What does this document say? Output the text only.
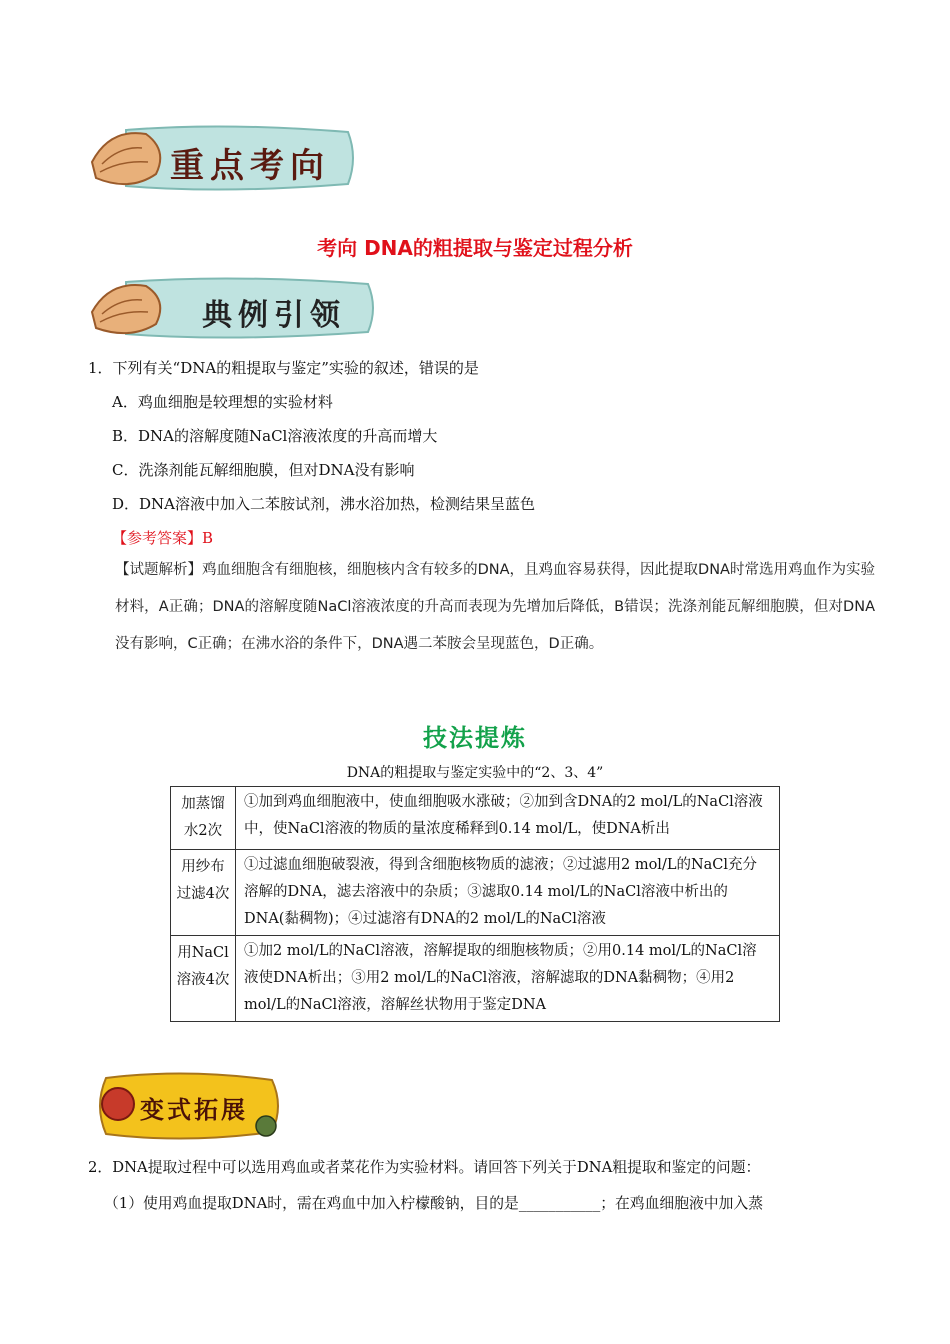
重点考向
考向 DNA的粗提取与鉴定过程分析
典例引领
1．下列有关“DNA的粗提取与鉴定”实验的叙述，错误的是
A．鸡血细胞是较理想的实验材料
B．DNA的溶解度随NaCl溶液浓度的升高而增大
C．洗涤剂能瓦解细胞膜，但对DNA没有影响
D．DNA溶液中加入二苯胺试剂，沸水浴加热，检测结果呈蓝色
【参考答案】B
【试题解析】鸡血细胞含有细胞核，细胞核内含有较多的DNA，且鸡血容易获得，因此提取DNA时常选用鸡血作为实验材料，A正确；DNA的溶解度随NaCl溶液浓度的升高而表现为先增加后降低，B错误；洗涤剂能瓦解细胞膜，但对DNA没有影响，C正确；在沸水浴的条件下，DNA遇二苯胺会呈现蓝色，D正确。
技法提炼
DNA的粗提取与鉴定实验中的“2、3、4”
加蒸馏水2次	①加到鸡血细胞液中，使血细胞吸水涨破；②加到含DNA的2 mol/L的NaCl溶液中，使NaCl溶液的物质的量浓度稀释到0.14 mol/L，使DNA析出
用纱布过滤4次	①过滤血细胞破裂液，得到含细胞核物质的滤液；②过滤用2 mol/L的NaCl充分溶解的DNA，滤去溶液中的杂质；③滤取0.14 mol/L的NaCl溶液中析出的DNA(黏稠物)；④过滤溶有DNA的2 mol/L的NaCl溶液
用NaCl溶液4次	①加2 mol/L的NaCl溶液，溶解提取的细胞核物质；②用0.14 mol/L的NaCl溶液使DNA析出；③用2 mol/L的NaCl溶液，溶解滤取的DNA黏稠物；④用2 mol/L的NaCl溶液，溶解丝状物用于鉴定DNA
变式拓展
2．DNA提取过程中可以选用鸡血或者菜花作为实验材料。请回答下列关于DNA粗提取和鉴定的问题：
（1）使用鸡血提取DNA时，需在鸡血中加入柠檬酸钠，目的是___________；在鸡血细胞液中加入蒸
